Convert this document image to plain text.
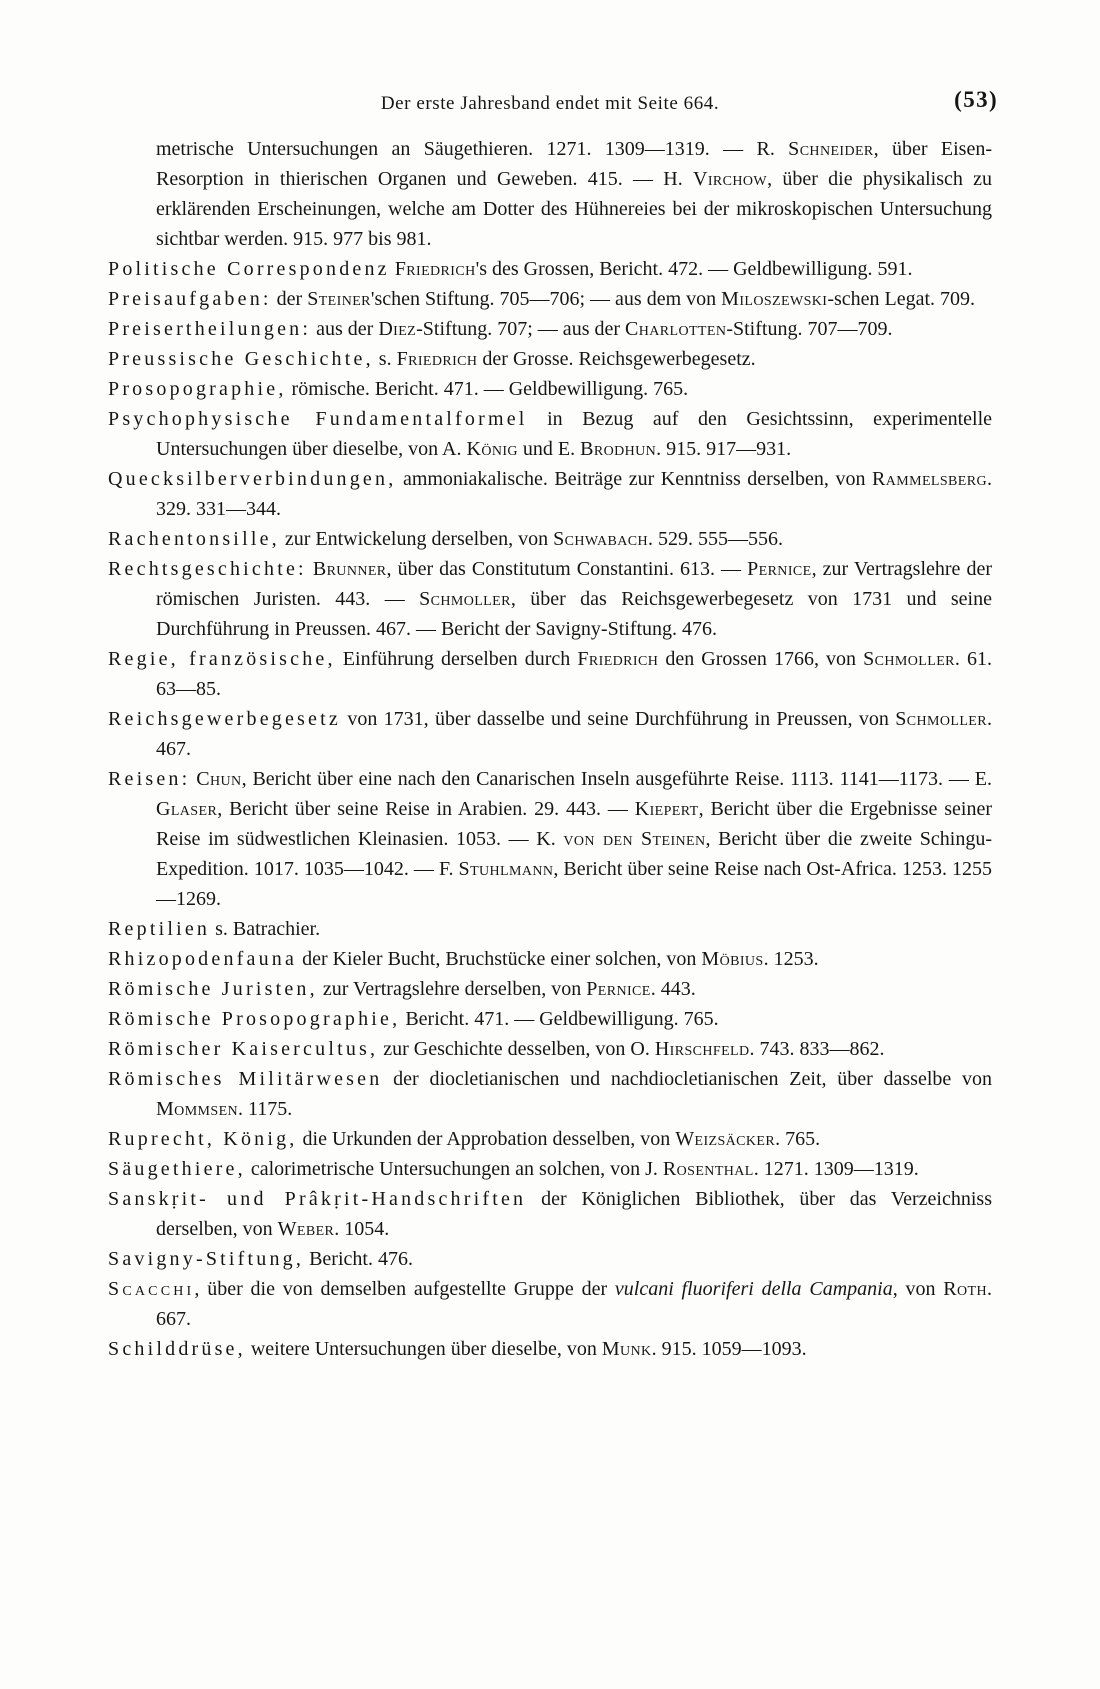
Der erste Jahresband endet mit Seite 664.	(53)

metrische Untersuchungen an Säugethieren. 1271. 1309—1319. — R. Schneider, über Eisen-Resorption in thierischen Organen und Geweben. 415. — H. Virchow, über die physikalisch zu erklärenden Erscheinungen, welche am Dotter des Hühnereies bei der mikroskopischen Untersuchung sichtbar werden. 915. 977 bis 981.

Politische Correspondenz Friedrich's des Grossen, Bericht. 472. — Geldbewilligung. 591.

Preisaufgaben: der Steiner'schen Stiftung. 705—706; — aus dem von Miloszewski-schen Legat. 709.

Preisertheilungen: aus der Diez-Stiftung. 707; — aus der Charlotten-Stiftung. 707—709.

Preussische Geschichte, s. Friedrich der Grosse. Reichsgewerbegesetz.

Prosopographie, römische. Bericht. 471. — Geldbewilligung. 765.

Psychophysische Fundamentalformel in Bezug auf den Gesichtssinn, experimentelle Untersuchungen über dieselbe, von A. König und E. Brodhun. 915. 917—931.

Quecksilberverbindungen, ammoniakalische. Beiträge zur Kenntniss derselben, von Rammelsberg. 329. 331—344.

Rachentonsille, zur Entwickelung derselben, von Schwabach. 529. 555—556.

Rechtsgeschichte: Brunner, über das Constitutum Constantini. 613. — Pernice, zur Vertragslehre der römischen Juristen. 443. — Schmoller, über das Reichsgewerbegesetz von 1731 und seine Durchführung in Preussen. 467. — Bericht der Savigny-Stiftung. 476.

Regie, französische, Einführung derselben durch Friedrich den Grossen 1766, von Schmoller. 61. 63—85.

Reichsgewerbegesetz von 1731, über dasselbe und seine Durchführung in Preussen, von Schmoller. 467.

Reisen: Chun, Bericht über eine nach den Canarischen Inseln ausgeführte Reise. 1113. 1141—1173. — E. Glaser, Bericht über seine Reise in Arabien. 29. 443. — Kiepert, Bericht über die Ergebnisse seiner Reise im südwestlichen Kleinasien. 1053. — K. von den Steinen, Bericht über die zweite Schingu-Expedition. 1017. 1035—1042. — F. Stuhlmann, Bericht über seine Reise nach Ost-Africa. 1253. 1255—1269.

Reptilien s. Batrachier.

Rhizopodenfauna der Kieler Bucht, Bruchstücke einer solchen, von Möbius. 1253.

Römische Juristen, zur Vertragslehre derselben, von Pernice. 443.

Römische Prosopographie, Bericht. 471. — Geldbewilligung. 765.

Römischer Kaisercultus, zur Geschichte desselben, von O. Hirschfeld. 743. 833—862.

Römisches Militärwesen der diocletianischen und nachdiocletianischen Zeit, über dasselbe von Mommsen. 1175.

Ruprecht, König, die Urkunden der Approbation desselben, von Weizsäcker. 765.

Säugethiere, calorimetrische Untersuchungen an solchen, von J. Rosenthal. 1271. 1309—1319.

Sanskṛit- und Prâkṛit-Handschriften der Königlichen Bibliothek, über das Verzeichniss derselben, von Weber. 1054.

Savigny-Stiftung, Bericht. 476.

Scacchi, über die von demselben aufgestellte Gruppe der vulcani fluoriferi della Campania, von Roth. 667.

Schilddrüse, weitere Untersuchungen über dieselbe, von Munk. 915. 1059—1093.
